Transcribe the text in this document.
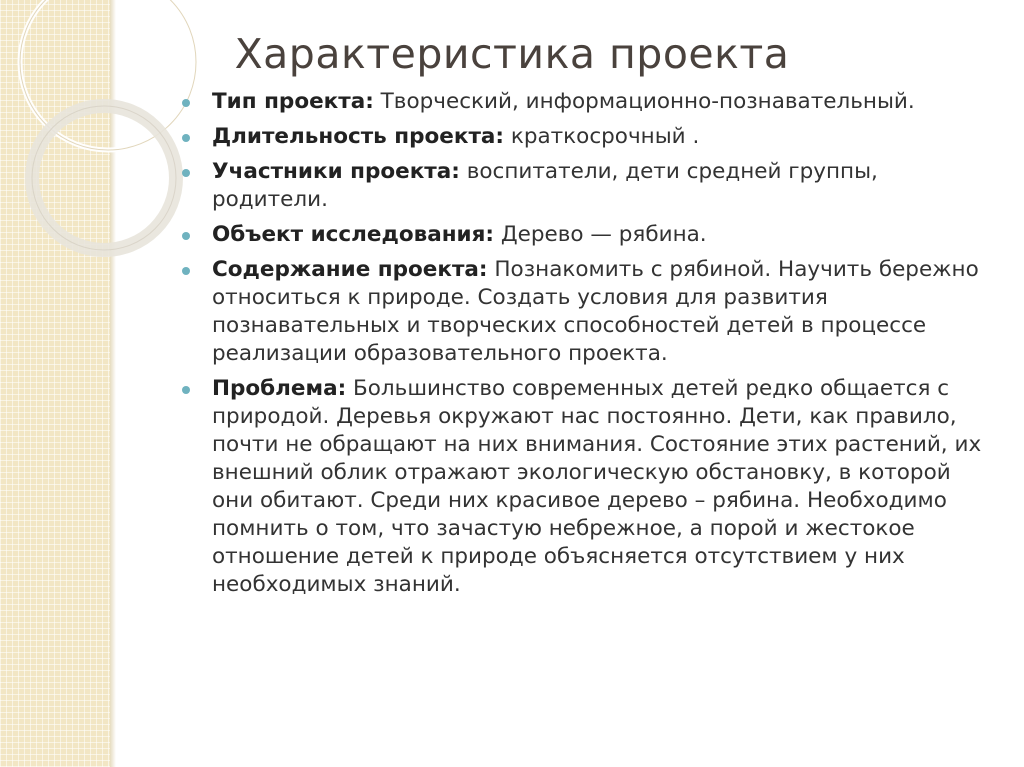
Характеристика проекта
Тип проекта: Творческий, информационно-познавательный.
Длительность проекта: краткосрочный .
Участники проекта: воспитатели, дети средней группы, родители.
Объект исследования: Дерево — рябина.
Содержание проекта: Познакомить с рябиной. Научить бережно относиться к природе. Создать условия для развития познавательных и творческих способностей детей в процессе реализации образовательного проекта.
Проблема: Большинство современных детей редко общается с природой. Деревья окружают нас постоянно. Дети, как правило, почти не обращают на них внимания. Состояние этих растений, их внешний облик отражают экологическую обстановку, в которой они обитают. Среди них красивое дерево – рябина. Необходимо помнить о том, что зачастую небрежное, а порой и жестокое отношение детей к природе объясняется отсутствием у них необходимых знаний.
